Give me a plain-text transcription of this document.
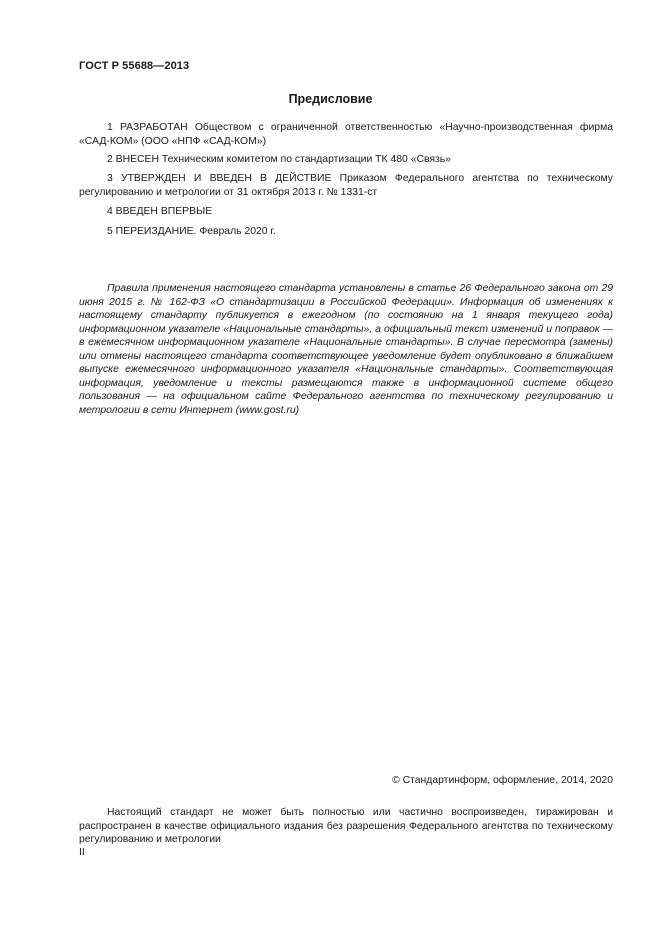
ГОСТ Р 55688—2013
Предисловие

1 РАЗРАБОТАН Обществом с ограниченной ответственностью «Научно-производственная фирма «САД-КОМ» (ООО «НПФ «САД-КОМ»)

2 ВНЕСЕН Техническим комитетом по стандартизации ТК 480 «Связь»

3 УТВЕРЖДЕН И ВВЕДЕН В ДЕЙСТВИЕ Приказом Федерального агентства по техническому регулированию и метрологии от 31 октября 2013 г. № 1331-ст

4 ВВЕДЕН ВПЕРВЫЕ

5 ПЕРЕИЗДАНИЕ. Февраль 2020 г.

Правила применения настоящего стандарта установлены в статье 26 Федерального закона от 29 июня 2015 г. № 162-ФЗ «О стандартизации в Российской Федерации». Информация об изменениях к настоящему стандарту публикуется в ежегодном (по состоянию на 1 января текущего года) информационном указателе «Национальные стандарты», а официальный текст изменений и поправок — в ежемесячном информационном указателе «Национальные стандарты». В случае пересмотра (замены) или отмены настоящего стандарта соответствующее уведомление будет опубликовано в ближайшем выпуске ежемесячного информационного указателя «Национальные стандарты». Соответствующая информация, уведомление и тексты размещаются также в информационной системе общего пользования — на официальном сайте Федерального агентства по техническому регулированию и метрологии в сети Интернет (www.gost.ru)

© Стандартинформ, оформление, 2014, 2020

Настоящий стандарт не может быть полностью или частично воспроизведен, тиражирован и распространен в качестве официального издания без разрешения Федерального агентства по техническому регулированию и метрологии

II
